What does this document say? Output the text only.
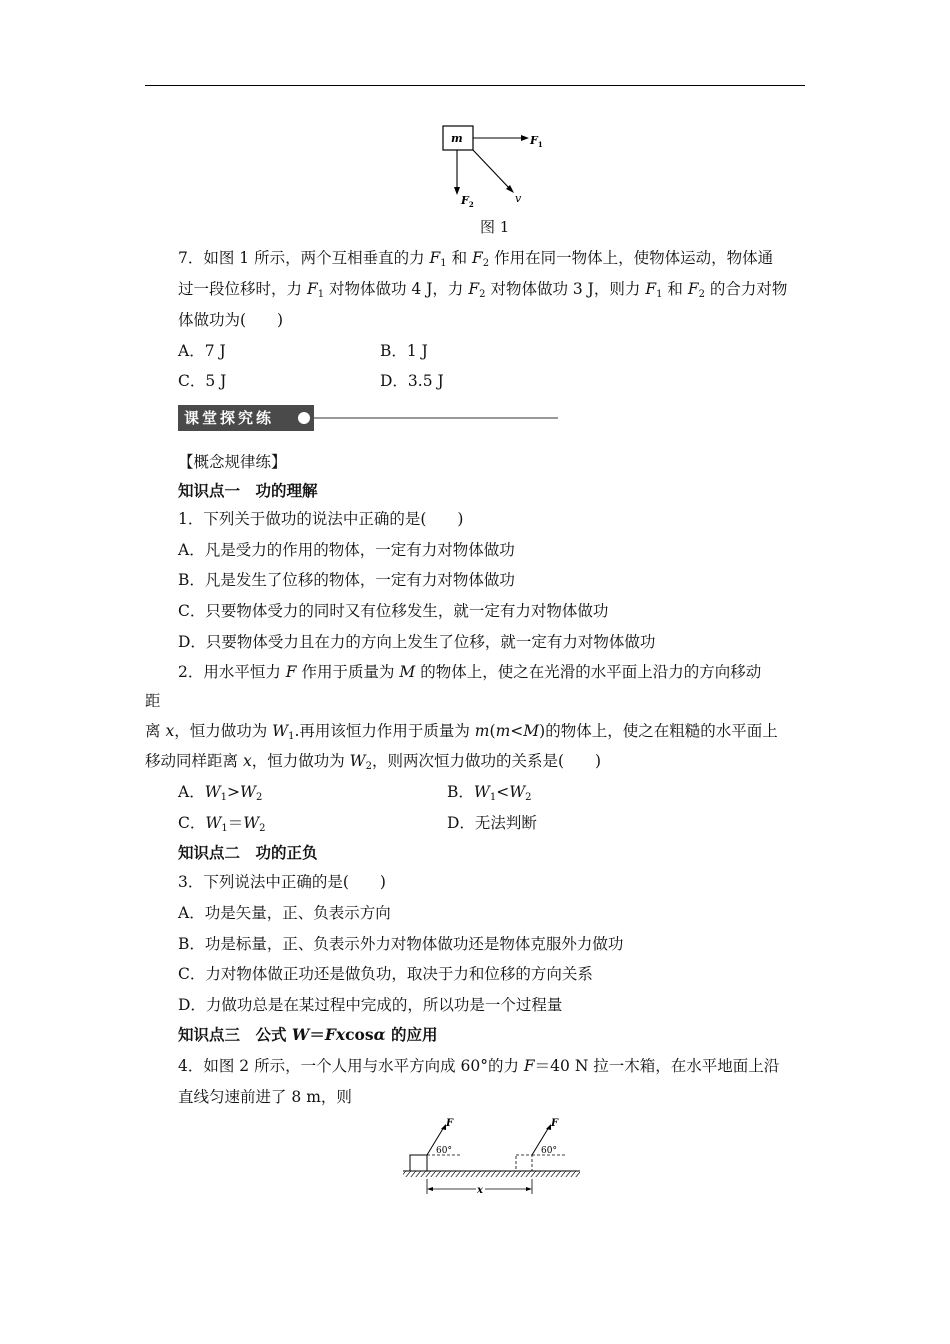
m	$F_1$
$F_2$	v
图 1
7．如图 1 所示，两个互相垂直的力 $F_1$ 和 $F_2$ 作用在同一物体上，使物体运动，物体通
过一段位移时，力 $F_1$ 对物体做功 4 J，力 $F_2$ 对物体做功 3 J，则力 $F_1$ 和 $F_2$ 的合力对物
体做功为(　　)
A．7 J	B．1 J
C．5 J	D．3.5 J
课堂探究练
【概念规律练】
知识点一　功的理解
1．下列关于做功的说法中正确的是(　　)
A．凡是受力的作用的物体，一定有力对物体做功
B．凡是发生了位移的物体，一定有力对物体做功
C．只要物体受力的同时又有位移发生，就一定有力对物体做功
D．只要物体受力且在力的方向上发生了位移，就一定有力对物体做功
2．用水平恒力 F 作用于质量为 M 的物体上，使之在光滑的水平面上沿力的方向移动
距
离 x，恒力做功为 $W_1$.再用该恒力作用于质量为 m(m<M)的物体上，使之在粗糙的水平面上
移动同样距离 x，恒力做功为 $W_2$，则两次恒力做功的关系是(　　)
A．$W_1>W_2$	B．$W_1<W_2$
C．$W_1=W_2$	D．无法判断
知识点二　功的正负
3．下列说法中正确的是(　　)
A．功是矢量，正、负表示方向
B．功是标量，正、负表示外力对物体做功还是物体克服外力做功
C．力对物体做正功还是做负功，取决于力和位移的方向关系
D．力做功总是在某过程中完成的，所以功是一个过程量
知识点三　公式 W＝Fxcosα 的应用
4．如图 2 所示，一个人用与水平方向成 60°的力 F＝40 N 拉一木箱，在水平地面上沿
直线匀速前进了 8 m，则
F
60°
F
60°
x
